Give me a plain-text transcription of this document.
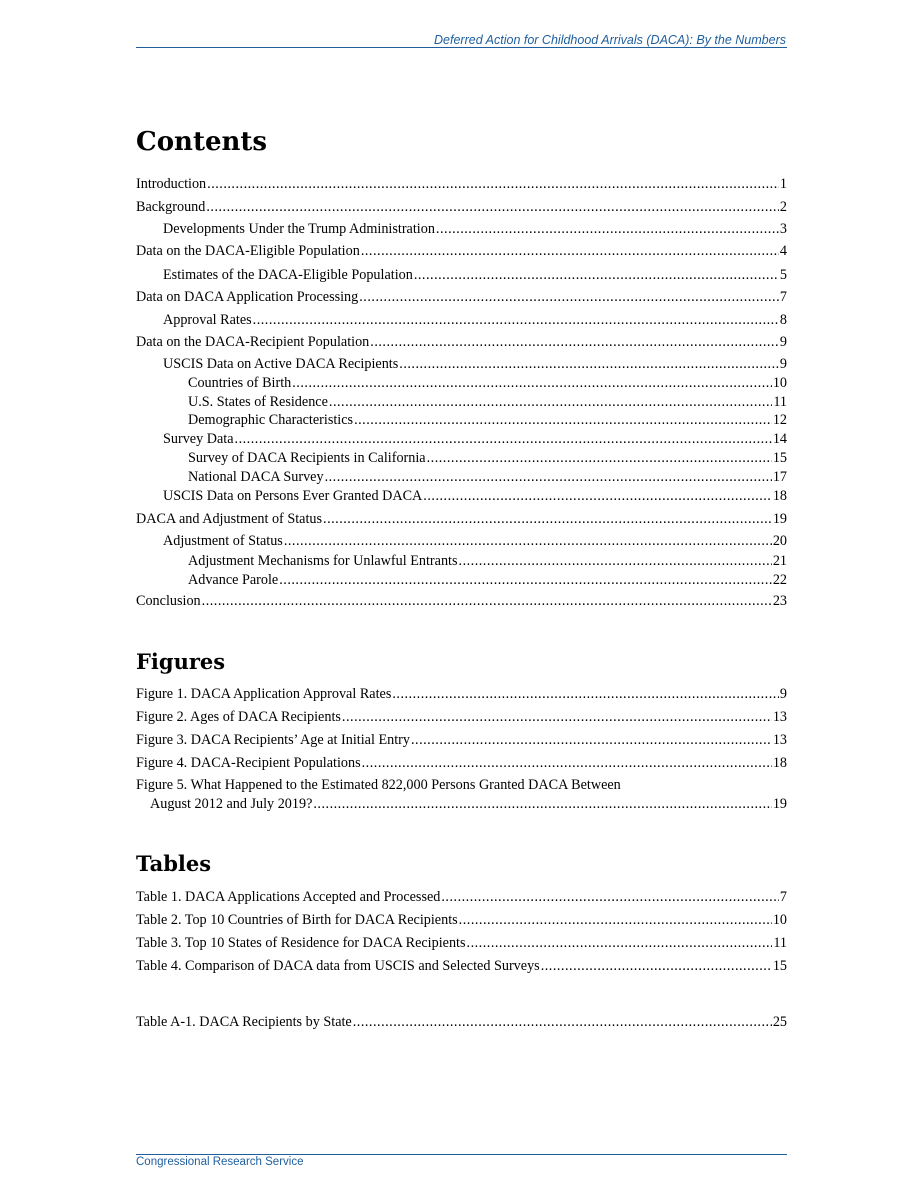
Deferred Action for Childhood Arrivals (DACA): By the Numbers
Contents
Introduction .....	1
Background .....	2
Developments Under the Trump Administration .....	3
Data on the DACA-Eligible Population .....	4
Estimates of the DACA-Eligible Population .....	5
Data on DACA Application Processing .....	7
Approval Rates .....	8
Data on the DACA-Recipient Population .....	9
USCIS Data on Active DACA Recipients .....	9
Countries of Birth .....	10
U.S. States of Residence .....	11
Demographic Characteristics .....	12
Survey Data .....	14
Survey of DACA Recipients in California .....	15
National DACA Survey .....	17
USCIS Data on Persons Ever Granted DACA .....	18
DACA and Adjustment of Status .....	19
Adjustment of Status .....	20
Adjustment Mechanisms for Unlawful Entrants .....	21
Advance Parole .....	22
Conclusion .....	23
Figures
Figure 1. DACA Application Approval Rates .....	9
Figure 2. Ages of DACA Recipients .....	13
Figure 3. DACA Recipients’ Age at Initial Entry .....	13
Figure 4. DACA-Recipient Populations .....	18
Figure 5. What Happened to the Estimated 822,000 Persons Granted DACA Between
August 2012 and July 2019? .....	19
Tables
Table 1. DACA Applications Accepted and Processed .....	7
Table 2. Top 10 Countries of Birth for DACA Recipients .....	10
Table 3. Top 10 States of Residence for DACA Recipients .....	11
Table 4. Comparison of DACA data from USCIS and Selected Surveys .....	15
Table A-1. DACA Recipients by State .....	25
Congressional Research Service
